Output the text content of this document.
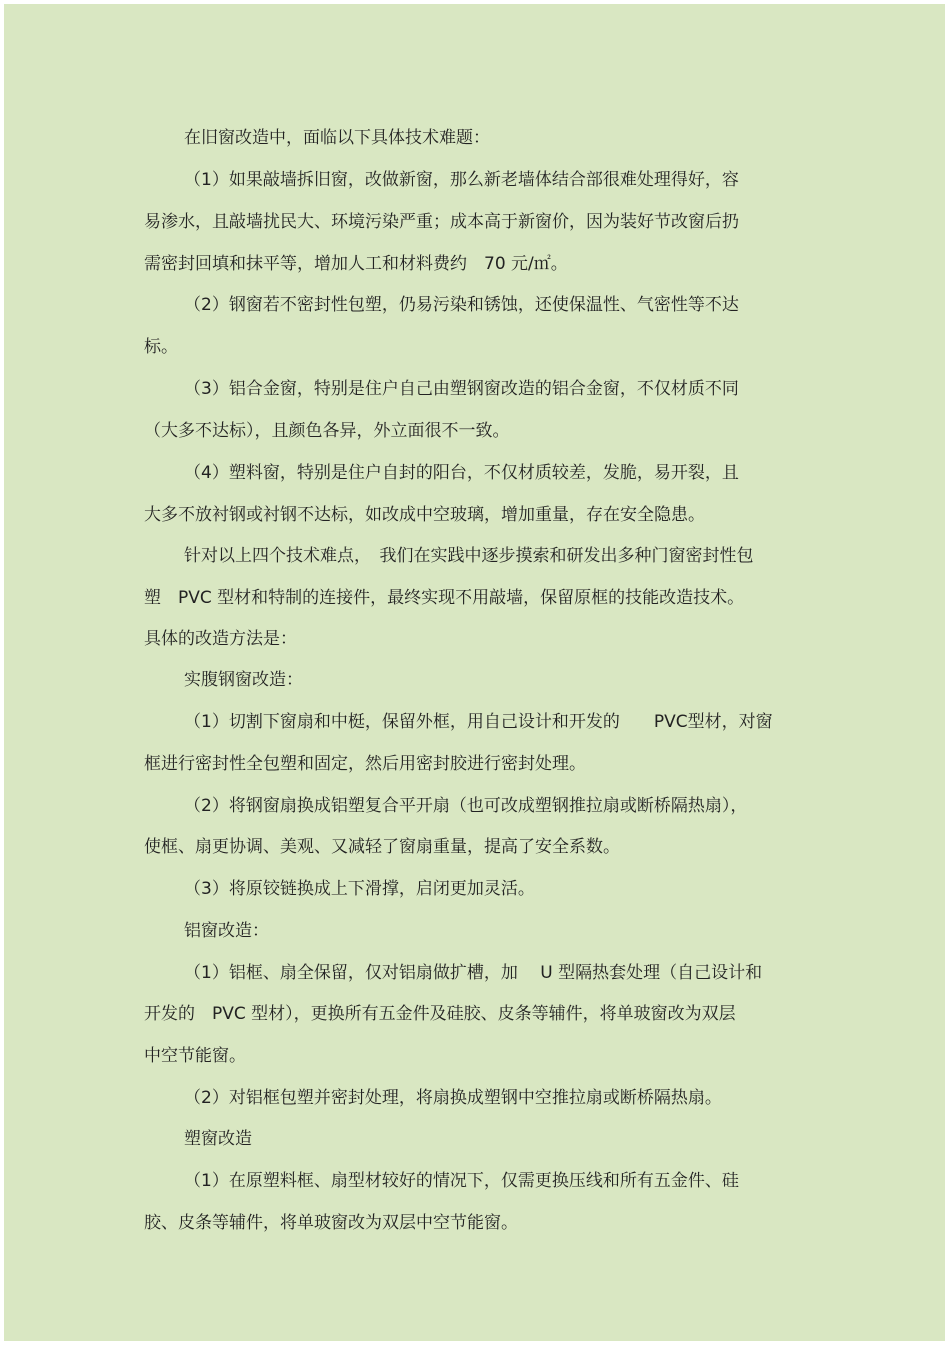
在旧窗改造中，面临以下具体技术难题：
（1）如果敲墙拆旧窗，改做新窗，那么新老墙体结合部很难处理得好，容
易渗水，且敲墙扰民大、环境污染严重；成本高于新窗价，因为装好节改窗后扔
需密封回填和抹平等，增加人工和材料费约　70 元/㎡。
（2）钢窗若不密封性包塑，仍易污染和锈蚀，还使保温性、气密性等不达
标。
（3）铝合金窗，特别是住户自己由塑钢窗改造的铝合金窗，不仅材质不同
（大多不达标），且颜色各异，外立面很不一致。
（4）塑料窗，特别是住户自封的阳台，不仅材质较差，发脆，易开裂，且
大多不放衬钢或衬钢不达标，如改成中空玻璃，增加重量，存在安全隐患。
针对以上四个技术难点，　我们在实践中逐步摸索和研发出多种门窗密封性包
塑　PVC 型材和特制的连接件，最终实现不用敲墙，保留原框的技能改造技术。
具体的改造方法是：
实腹钢窗改造：
（1）切割下窗扇和中梃，保留外框，用自己设计和开发的　　PVC型材，对窗
框进行密封性全包塑和固定，然后用密封胶进行密封处理。
（2）将钢窗扇换成铝塑复合平开扇（也可改成塑钢推拉扇或断桥隔热扇），
使框、扇更协调、美观、又减轻了窗扇重量，提高了安全系数。
（3）将原铰链换成上下滑撑，启闭更加灵活。
铝窗改造：
（1）铝框、扇全保留，仅对铝扇做扩槽，加　 U 型隔热套处理（自己设计和
开发的　PVC 型材），更换所有五金件及硅胶、皮条等辅件，将单玻窗改为双层
中空节能窗。
（2）对铝框包塑并密封处理，将扇换成塑钢中空推拉扇或断桥隔热扇。
塑窗改造
（1）在原塑料框、扇型材较好的情况下，仅需更换压线和所有五金件、硅
胶、皮条等辅件，将单玻窗改为双层中空节能窗。
